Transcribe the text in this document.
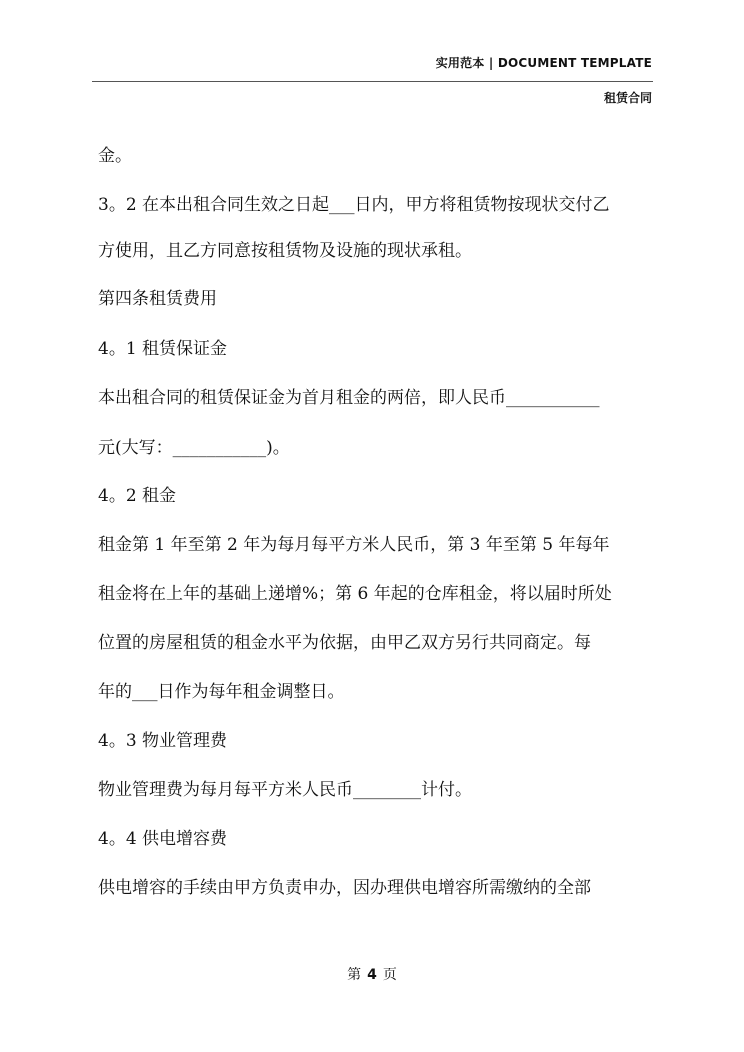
实用范本 | DOCUMENT TEMPLATE
租赁合同
金。
3。2 在本出租合同生效之日起___日内，甲方将租赁物按现状交付乙
方使用，且乙方同意按租赁物及设施的现状承租。
第四条租赁费用
4。1 租赁保证金
本出租合同的租赁保证金为首月租金的两倍，即人民币___________
元(大写：___________)。
4。2 租金
租金第 1 年至第 2 年为每月每平方米人民币，第 3 年至第 5 年每年
租金将在上年的基础上递增%；第 6 年起的仓库租金，将以届时所处
位置的房屋租赁的租金水平为依据，由甲乙双方另行共同商定。每
年的___日作为每年租金调整日。
4。3 物业管理费
物业管理费为每月每平方米人民币________计付。
4。4 供电增容费
供电增容的手续由甲方负责申办，因办理供电增容所需缴纳的全部
第 4 页
